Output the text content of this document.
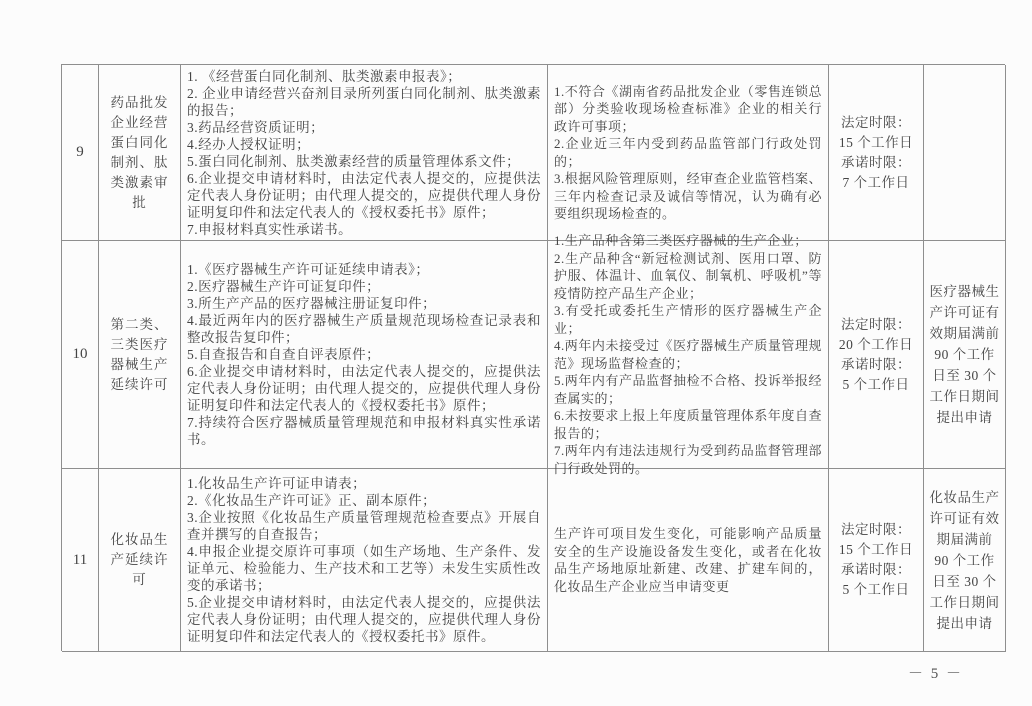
9
药品批发企业经营蛋白同化制剂、肽类激素审批
1. 《经营蛋白同化制剂、肽类激素申报表》；
2. 企业申请经营兴奋剂目录所列蛋白同化制剂、肽类激素的报告；
3.药品经营资质证明；
4.经办人授权证明；
5.蛋白同化制剂、肽类激素经营的质量管理体系文件；
6.企业提交申请材料时，由法定代表人提交的，应提供法定代表人身份证明；由代理人提交的，应提供代理人身份证明复印件和法定代表人的《授权委托书》原件；
7.申报材料真实性承诺书。
1.不符合《湖南省药品批发企业（零售连锁总部）分类验收现场检查标准》企业的相关行政许可事项；
2.企业近三年内受到药品监管部门行政处罚的；
3.根据风险管理原则，经审查企业监管档案、三年内检查记录及诚信等情况，认为确有必要组织现场检查的。
法定时限：
15 个工作日
承诺时限：
7 个工作日
10
第二类、三类医疗器械生产延续许可
1.《医疗器械生产许可证延续申请表》；
2.医疗器械生产许可证复印件；
3.所生产产品的医疗器械注册证复印件；
4.最近两年内的医疗器械生产质量规范现场检查记录表和整改报告复印件；
5.自查报告和自查自评表原件；
6.企业提交申请材料时，由法定代表人提交的，应提供法定代表人身份证明；由代理人提交的，应提供代理人身份证明复印件和法定代表人的《授权委托书》原件；
7.持续符合医疗器械质量管理规范和申报材料真实性承诺书。
1.生产品种含第三类医疗器械的生产企业；
2.生产品种含“新冠检测试剂、医用口罩、防护服、体温计、血氧仪、制氧机、呼吸机”等疫情防控产品生产企业；
3.有受托或委托生产情形的医疗器械生产企业；
4.两年内未接受过《医疗器械生产质量管理规范》现场监督检查的；
5.两年内有产品监督抽检不合格、投诉举报经查属实的；
6.未按要求上报上年度质量管理体系年度自查报告的；
7.两年内有违法违规行为受到药品监督管理部门行政处罚的。
法定时限：
20 个工作日
承诺时限：
5 个工作日
医疗器械生产许可证有效期届满前 90 个工作日至 30 个工作日期间提出申请
11
化妆品生产延续许可
1.化妆品生产许可证申请表；
2.《化妆品生产许可证》正、副本原件；
3.企业按照《化妆品生产质量管理规范检查要点》开展自查并撰写的自查报告；
4.申报企业提交原许可事项（如生产场地、生产条件、发证单元、检验能力、生产技术和工艺等）未发生实质性改变的承诺书；
5.企业提交申请材料时，由法定代表人提交的，应提供法定代表人身份证明；由代理人提交的，应提供代理人身份证明复印件和法定代表人的《授权委托书》原件。
生产许可项目发生变化，可能影响产品质量安全的生产设施设备发生变化，或者在化妆品生产场地原址新建、改建、扩建车间的，化妆品生产企业应当申请变更
法定时限：
15 个工作日
承诺时限：
5 个工作日
化妆品生产许可证有效期届满前 90 个工作日至 30 个工作日期间提出申请
－ 5 －
